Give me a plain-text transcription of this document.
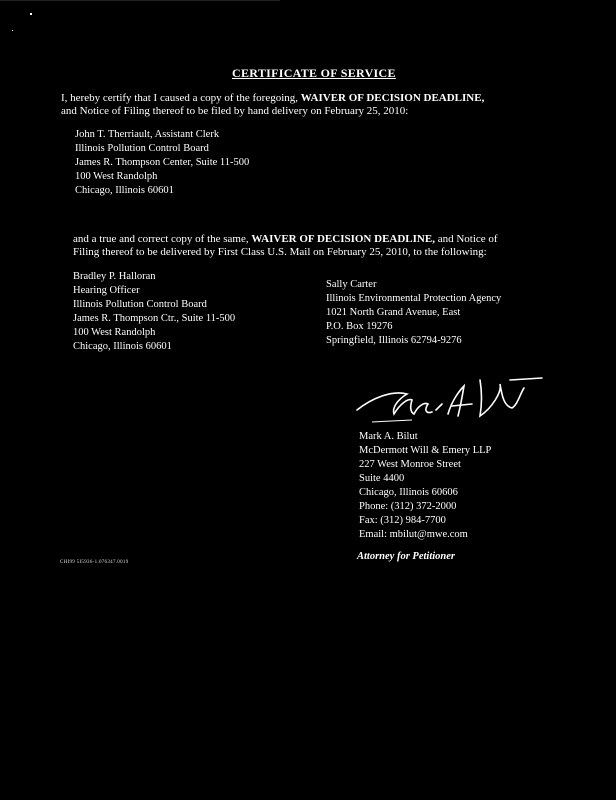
CERTIFICATE OF SERVICE
I, hereby certify that I caused a copy of the foregoing, WAIVER OF DECISION DEADLINE,
and Notice of Filing thereof to be filed by hand delivery on February 25, 2010:
John T. Therriault, Assistant Clerk
Illinois Pollution Control Board
James R. Thompson Center, Suite 11-500
100 West Randolph
Chicago, Illinois 60601
and a true and correct copy of the same, WAIVER OF DECISION DEADLINE, and Notice of
Filing thereof to be delivered by First Class U.S. Mail on February 25, 2010, to the following:
Bradley P. Halloran
Hearing Officer
Illinois Pollution Control Board
James R. Thompson Ctr., Suite 11-500
100 West Randolph
Chicago, Illinois 60601
Sally Carter
Illinois Environmental Protection Agency
1021 North Grand Avenue, East
P.O. Box 19276
Springfield, Illinois 62794-9276
Mark A. Bilut
McDermott Will & Emery LLP
227 West Monroe Street
Suite 4400
Chicago, Illinois 60606
Phone: (312) 372-2000
Fax: (312) 984-7700
Email: mbilut@mwe.com
Attorney for Petitioner
CHI99 5I5936-1.076347.0019
